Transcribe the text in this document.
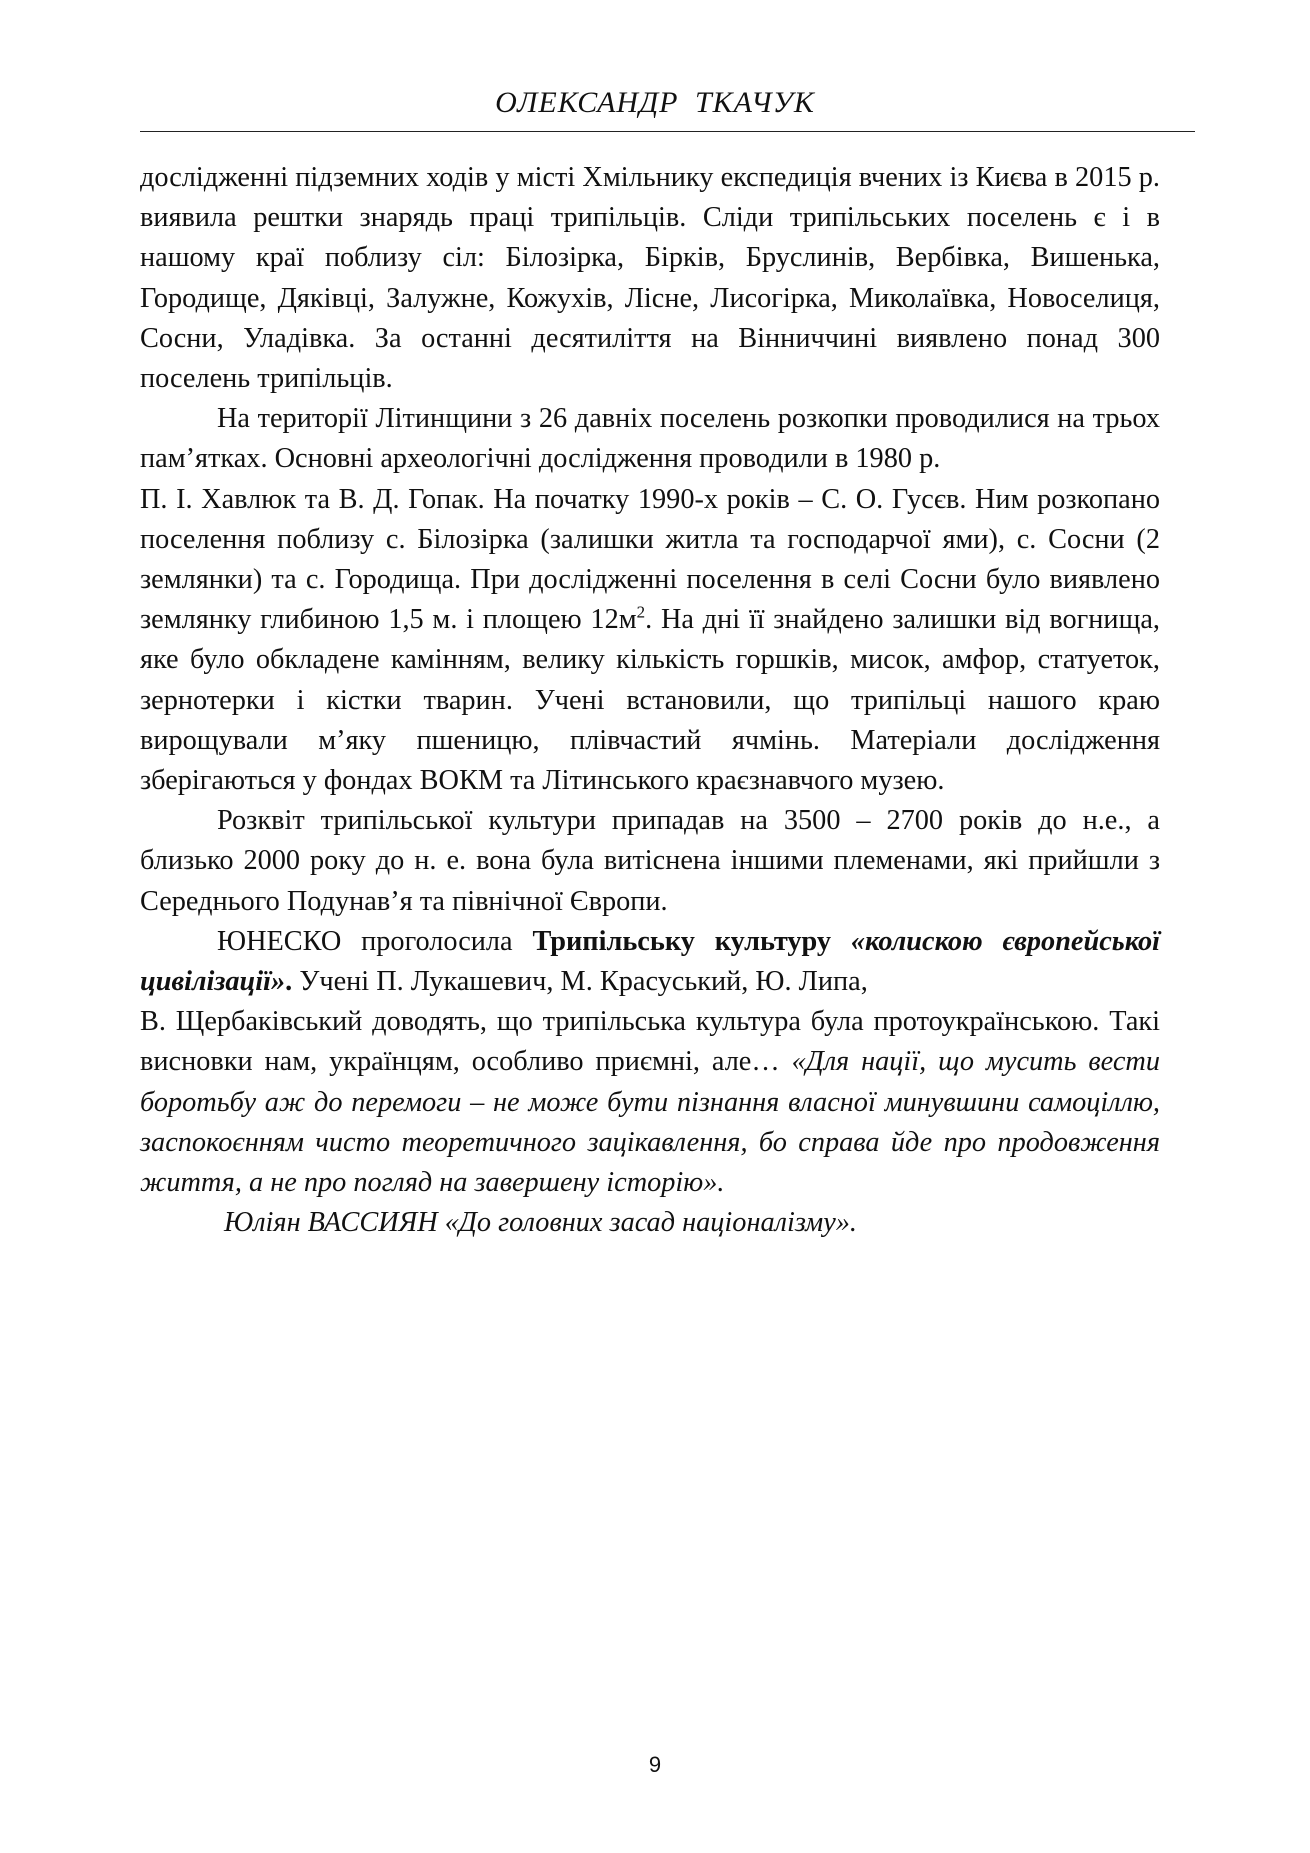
ОЛЕКСАНДР ТКАЧУК

дослідженні підземних ходів у місті Хмільнику експедиція вчених із Києва в 2015 р. виявила рештки знарядь праці трипільців. Сліди трипільських поселень є і в нашому краї поблизу сіл: Білозірка, Бірків, Бруслинів, Вербівка, Вишенька, Городище, Дяківці, Залужне, Кожухів, Лісне, Лисогірка, Миколаївка, Новоселиця, Сосни, Уладівка. За останні десятиліття на Вінниччині виявлено понад 300 поселень трипільців.

На території Літинщини з 26 давніх поселень розкопки проводилися на трьох пам’ятках. Основні археологічні дослідження проводили в 1980 р.

П. І. Хавлюк та В. Д. Гопак. На початку 1990-х років – С. О. Гусєв. Ним розкопано поселення поблизу с. Білозірка (залишки житла та господарчої ями), с. Сосни (2 землянки) та с. Городища. При дослідженні поселення в селі Сосни було виявлено землянку глибиною 1,5 м. і площею $12м^2$. На дні її знайдено залишки від вогнища, яке було обкладене камінням, велику кількість горшків, мисок, амфор, статуеток, зернотерки і кістки тварин. Учені встановили, що трипільці нашого краю вирощували м’яку пшеницю, плівчастий ячмінь. Матеріали дослідження зберігаються у фондах ВОКМ та Літинського краєзнавчого музею.

Розквіт трипільської культури припадав на 3500 – 2700 років до н.е., а близько 2000 року до н. е. вона була витіснена іншими племенами, які прийшли з Середнього Подунав’я та північної Європи.

ЮНЕСКО проголосила Трипільську культуру «колискою європейської цивілізації». Учені П. Лукашевич, М. Красуський, Ю. Липа,

В. Щербаківський доводять, що трипільська культура була протоукраїнською. Такі висновки нам, українцям, особливо приємні, але… «Для нації, що мусить вести боротьбу аж до перемоги – не може бути пізнання власної минувшини самоціллю, заспокоєнням чисто теоретичного зацікавлення, бо справа йде про продовження життя, а не про погляд на завершену історію».

Юліян ВАССИЯН «До головних засад націоналізму».
9
